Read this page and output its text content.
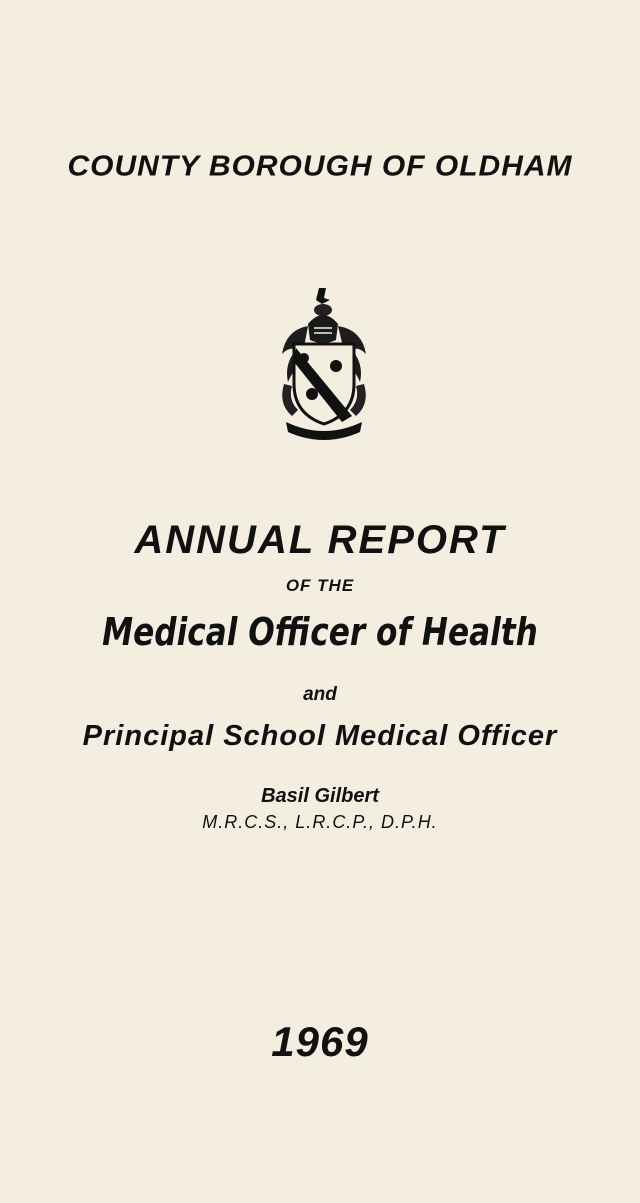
COUNTY BOROUGH OF OLDHAM
ANNUAL REPORT
OF THE
Medical Officer of Health
and
Principal School Medical Officer
Basil Gilbert
M.R.C.S., L.R.C.P., D.P.H.
1969
